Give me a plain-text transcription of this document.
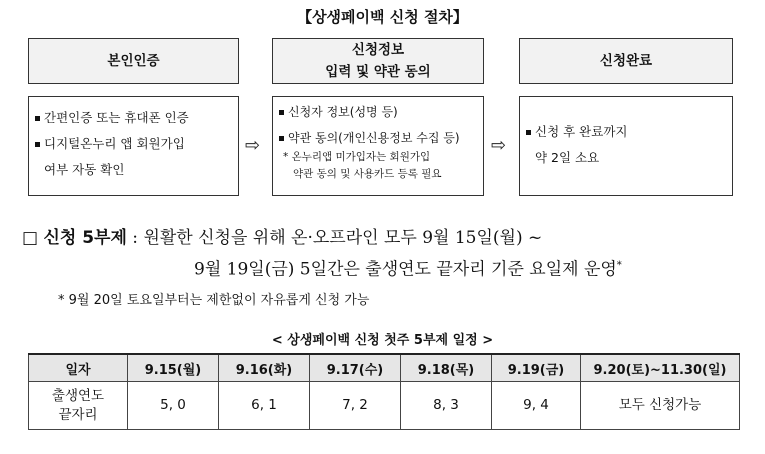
【상생페이백 신청 절차】
본인인증
신청정보
입력 및 약관 동의
신청완료
간편인증 또는 휴대폰 인증
디지털온누리 앱 회원가입
여부 자동 확인
⇨
신청자 정보(성명 등)
약관 동의(개인신용정보 수집 등)
* 온누리앱 미가입자는 회원가입
약관 동의 및 사용카드 등록 필요
⇨
신청 후 완료까지
약 2일 소요
□ 신청 5부제 : 원활한 신청을 위해 온·오프라인 모두 9월 15일(월) ~
9월 19일(금) 5일간은 출생연도 끝자리 기준 요일제 운영*
* 9월 20일 토요일부터는 제한없이 자유롭게 신청 가능
< 상생페이백 신청 첫주 5부제 일정 >
일자	9.15(월)	9.16(화)	9.17(수)	9.18(목)	9.19(금)	9.20(토)~11.30(일)

출생연도
끝자리	5, 0	6, 1	7, 2	8, 3	9, 4	모두 신청가능
